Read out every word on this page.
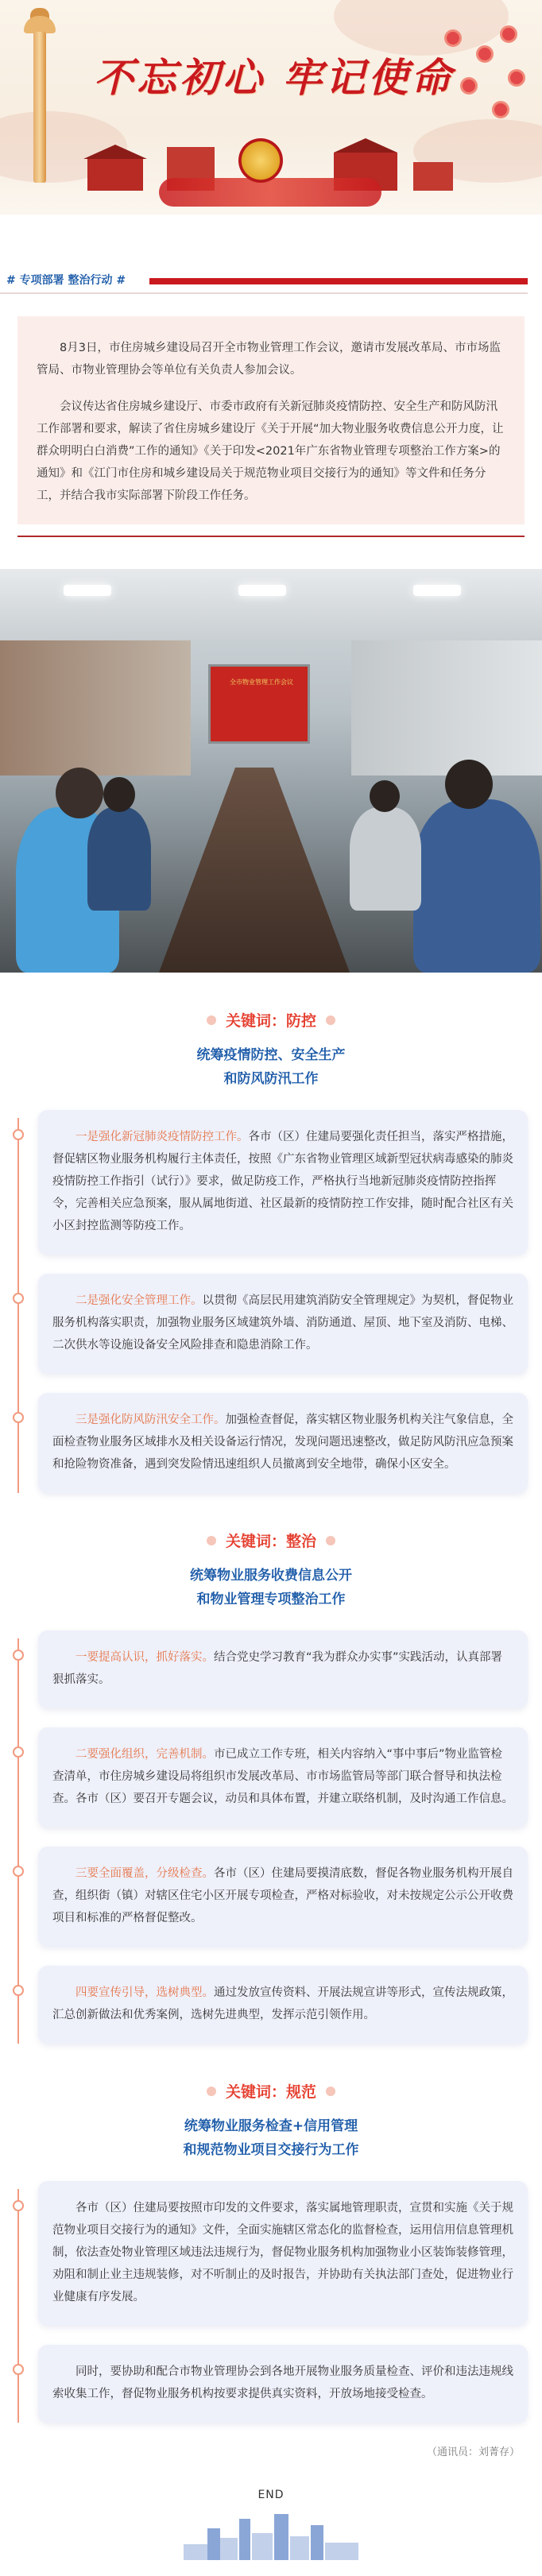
不忘初心 牢记使命
# 专项部署 整治行动 #

8月3日，市住房城乡建设局召开全市物业管理工作会议，邀请市发展改革局、市市场监管局、市物业管理协会等单位有关负责人参加会议。

会议传达省住房城乡建设厅、市委市政府有关新冠肺炎疫情防控、安全生产和防风防汛工作部署和要求，解读了省住房城乡建设厅《关于开展“加大物业服务收费信息公开力度，让群众明明白白消费”工作的通知》《关于印发<2021年广东省物业管理专项整治工作方案>的通知》和《江门市住房和城乡建设局关于规范物业项目交接行为的通知》等文件和任务分工，并结合我市实际部署下阶段工作任务。

全市物业管理工作会议
关键词：防控
统筹疫情防控、安全生产
和防风防汛工作
一是强化新冠肺炎疫情防控工作。各市（区）住建局要强化责任担当，落实严格措施，督促辖区物业服务机构履行主体责任，按照《广东省物业管理区域新型冠状病毒感染的肺炎疫情防控工作指引（试行）》要求，做足防疫工作，严格执行当地新冠肺炎疫情防控指挥令，完善相关应急预案，服从属地街道、社区最新的疫情防控工作安排，随时配合社区有关小区封控监测等防疫工作。
二是强化安全管理工作。以贯彻《高层民用建筑消防安全管理规定》为契机，督促物业服务机构落实职责，加强物业服务区域建筑外墙、消防通道、屋顶、地下室及消防、电梯、二次供水等设施设备安全风险排查和隐患消除工作。
三是强化防风防汛安全工作。加强检查督促，落实辖区物业服务机构关注气象信息，全面检查物业服务区域排水及相关设备运行情况，发现问题迅速整改，做足防风防汛应急预案和抢险物资准备，遇到突发险情迅速组织人员撤离到安全地带，确保小区安全。
关键词：整治
统筹物业服务收费信息公开
和物业管理专项整治工作
一要提高认识，抓好落实。结合党史学习教育“我为群众办实事”实践活动，认真部署狠抓落实。
二要强化组织，完善机制。市已成立工作专班，相关内容纳入“事中事后”物业监管检查清单，市住房城乡建设局将组织市发展改革局、市市场监管局等部门联合督导和执法检查。各市（区）要召开专题会议，动员和具体布置，并建立联络机制，及时沟通工作信息。
三要全面覆盖，分级检查。各市（区）住建局要摸清底数，督促各物业服务机构开展自查，组织街（镇）对辖区住宅小区开展专项检查，严格对标验收，对未按规定公示公开收费项目和标准的严格督促整改。
四要宣传引导，选树典型。通过发放宣传资料、开展法规宣讲等形式，宣传法规政策，汇总创新做法和优秀案例，选树先进典型，发挥示范引领作用。
关键词：规范
统筹物业服务检查+信用管理
和规范物业项目交接行为工作
各市（区）住建局要按照市印发的文件要求，落实属地管理职责，宣贯和实施《关于规范物业项目交接行为的通知》文件，全面实施辖区常态化的监督检查，运用信用信息管理机制，依法查处物业管理区域违法违规行为，督促物业服务机构加强物业小区装饰装修管理，劝阻和制止业主违规装修，对不听制止的及时报告，并协助有关执法部门查处，促进物业行业健康有序发展。
同时，要协助和配合市物业管理协会到各地开展物业服务质量检查、评价和违法违规线索收集工作，督促物业服务机构按要求提供真实资料，开放场地接受检查。
（通讯员：刘菁存）
END
